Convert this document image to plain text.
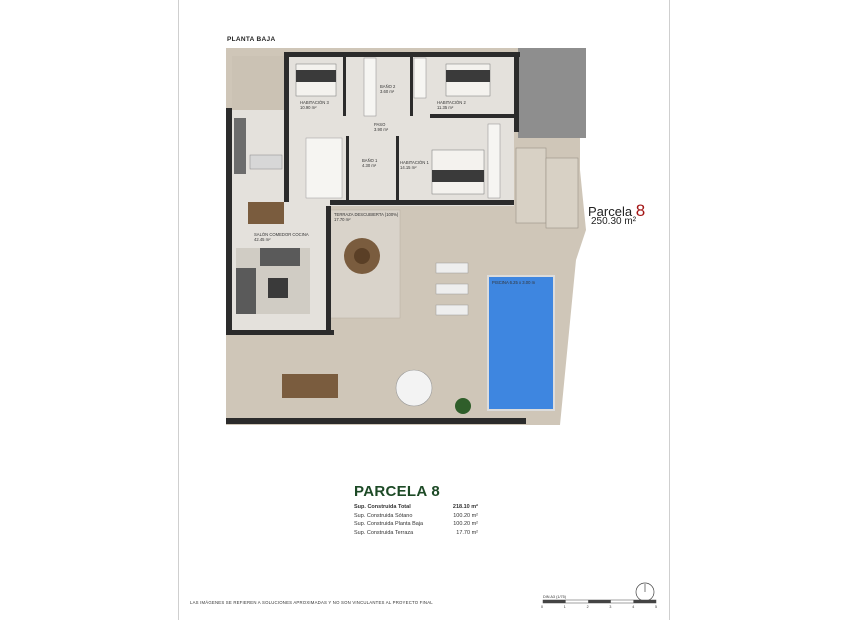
PLANTA BAJA
HABITACIÓN 3
10.90 m²
BAÑO 2
3.60 m²
HABITACIÓN 2
11.35 m²
PASO
3.90 m²
BAÑO 1
4.30 m²
HABITACIÓN 1
14.15 m²
TERRAZA DESCUBIERTA (100%)
17.70 m²
SALÓN COMEDOR COCINA
42.45 m²
PISCINA 6.25 x 3.00 m
Parcela 8
250.30 m²
PARCELA 8
Sup. Construida Total	218.10 m²
Sup. Construida Sótano	100.20 m²
Sup. Construida Planta Baja	100.20 m²
Sup. Construida Terraza	17.70 m²
LAS IMÁGENES SE REFIEREN A SOLUCIONES APROXIMADAS Y NO SON VINCULANTES AL PROYECTO FINAL
DIN A3 (1/75)
0	1	2	3	4	5
